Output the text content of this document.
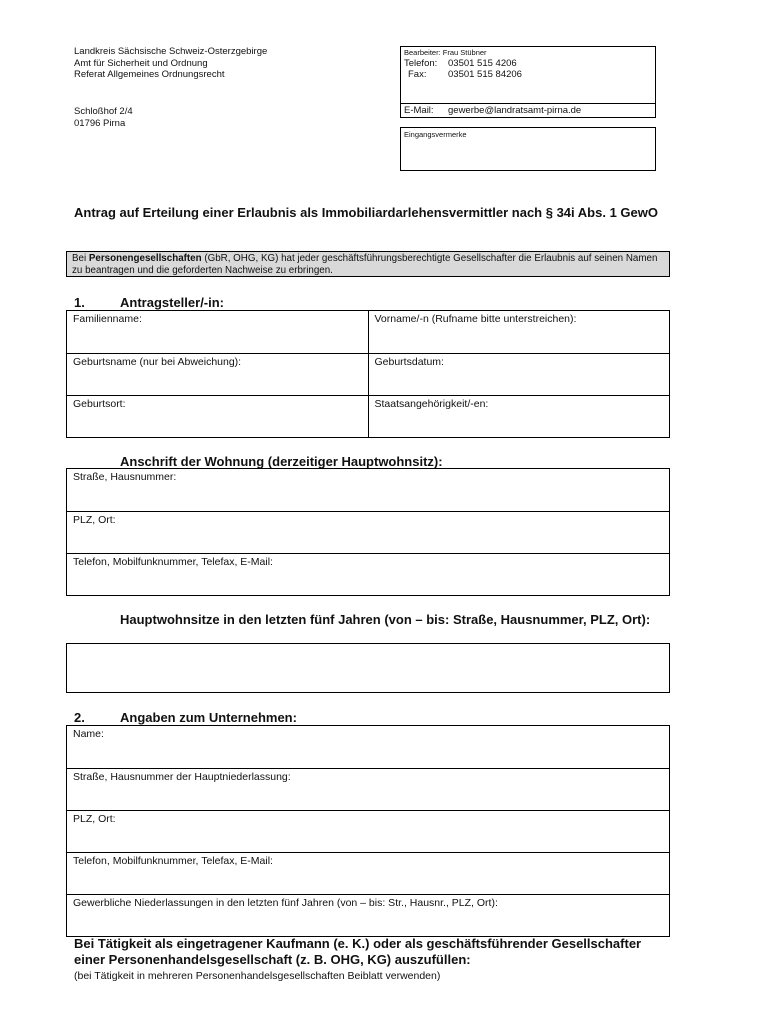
Landkreis Sächsische Schweiz-Osterzgebirge
Amt für Sicherheit und Ordnung
Referat Allgemeines Ordnungsrecht
Schloßhof 2/4
01796 Pirna
Bearbeiter: Frau Stübner
Telefon: 03501 515 4206
Fax: 03501 515 84206
E-Mail: gewerbe@landratsamt-pirna.de
Eingangsvermerke
Antrag auf Erteilung einer Erlaubnis als Immobiliardarlehensvermittler nach § 34i Abs. 1 GewO
Bei Personengesellschaften (GbR, OHG, KG) hat jeder geschäftsführungsberechtigte Gesellschafter die Erlaubnis auf seinen Namen zu beantragen und die geforderten Nachweise zu erbringen.
1.	Antragsteller/-in:
Familienname:	Vorname/-n (Rufname bitte unterstreichen):
Geburtsname (nur bei Abweichung):	Geburtsdatum:
Geburtsort:	Staatsangehörigkeit/-en:
Anschrift der Wohnung (derzeitiger Hauptwohnsitz):
Straße, Hausnummer:
PLZ, Ort:
Telefon, Mobilfunknummer, Telefax, E-Mail:
Hauptwohnsitze in den letzten fünf Jahren (von – bis: Straße, Hausnummer, PLZ, Ort):
2.	Angaben zum Unternehmen:
Name:
Straße, Hausnummer der Hauptniederlassung:
PLZ, Ort:
Telefon, Mobilfunknummer, Telefax, E-Mail:
Gewerbliche Niederlassungen in den letzten fünf Jahren (von – bis: Str., Hausnr., PLZ, Ort):
Bei Tätigkeit als eingetragener Kaufmann (e. K.) oder als geschäftsführender Gesellschafter einer Personenhandelsgesellschaft (z. B. OHG, KG) auszufüllen:
(bei Tätigkeit in mehreren Personenhandelsgesellschaften Beiblatt verwenden)
